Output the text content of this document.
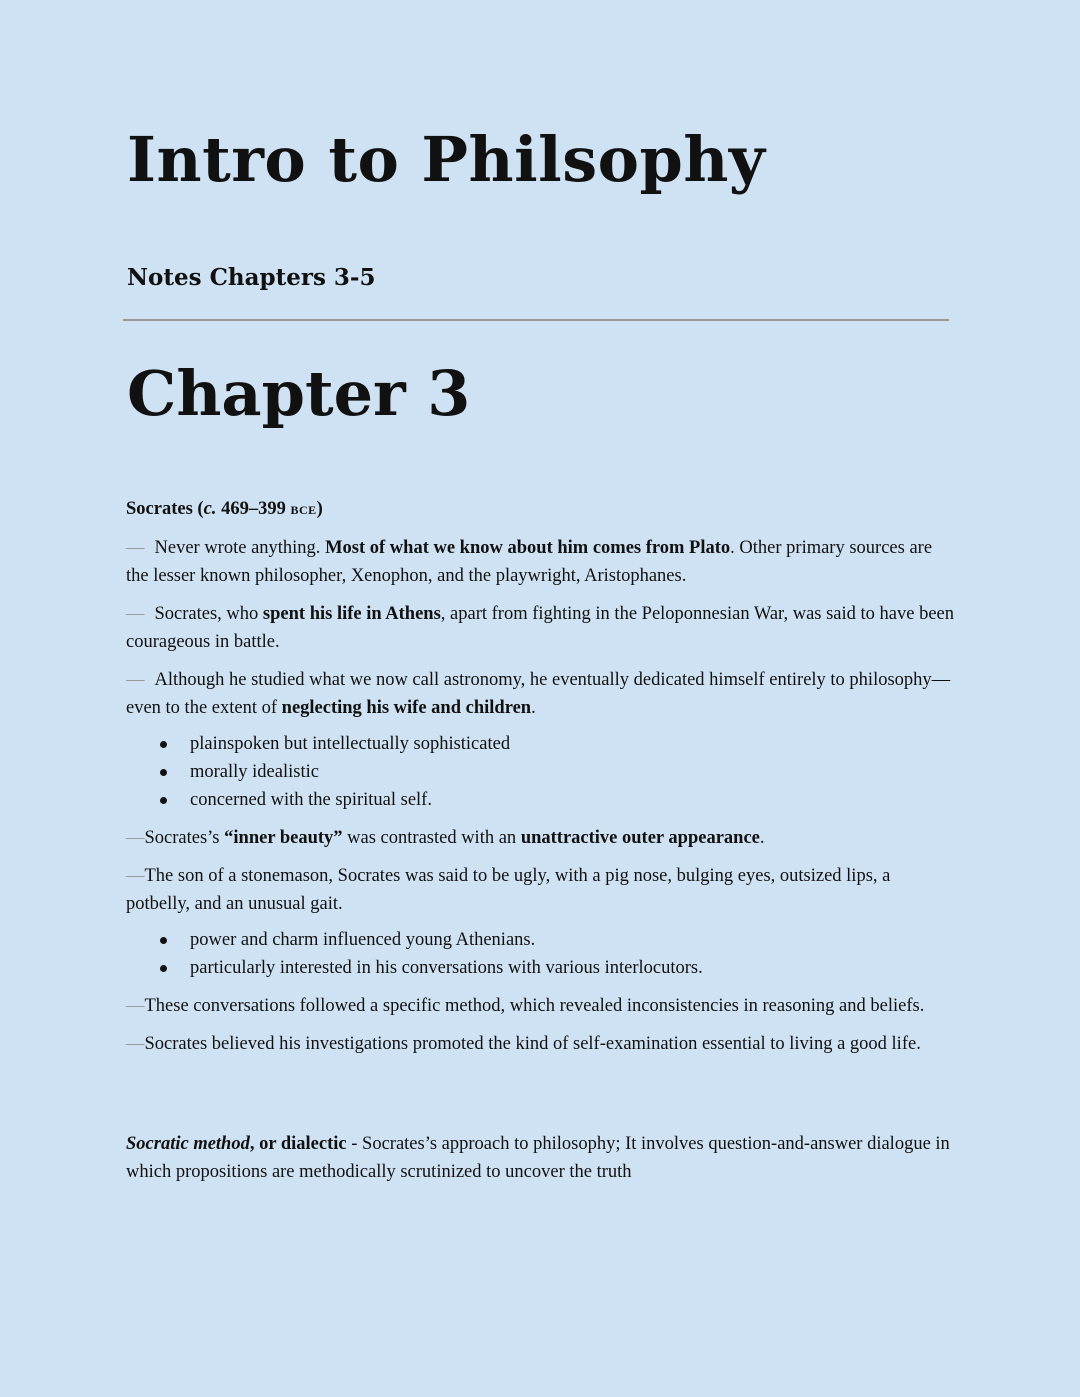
Intro to Philsophy
Notes Chapters 3-5
Chapter 3

Socrates (c. 469–399 BCE)

— Never wrote anything. Most of what we know about him comes from Plato. Other primary sources are the lesser known philosopher, Xenophon, and the playwright, Aristophanes.

— Socrates, who spent his life in Athens, apart from fighting in the Peloponnesian War, was said to have been courageous in battle.

— Although he studied what we now call astronomy, he eventually dedicated himself entirely to philosophy—even to the extent of neglecting his wife and children.

plainspoken but intellectually sophisticated
morally idealistic
concerned with the spiritual self.

—Socrates’s “inner beauty” was contrasted with an unattractive outer appearance.

—The son of a stonemason, Socrates was said to be ugly, with a pig nose, bulging eyes, outsized lips, a potbelly, and an unusual gait.

power and charm influenced young Athenians.
particularly interested in his conversations with various interlocutors.

—These conversations followed a specific method, which revealed inconsistencies in reasoning and beliefs.

—Socrates believed his investigations promoted the kind of self-examination essential to living a good life.

Socratic method, or dialectic - Socrates’s approach to philosophy; It involves question-and-answer dialogue in which propositions are methodically scrutinized to uncover the truth
